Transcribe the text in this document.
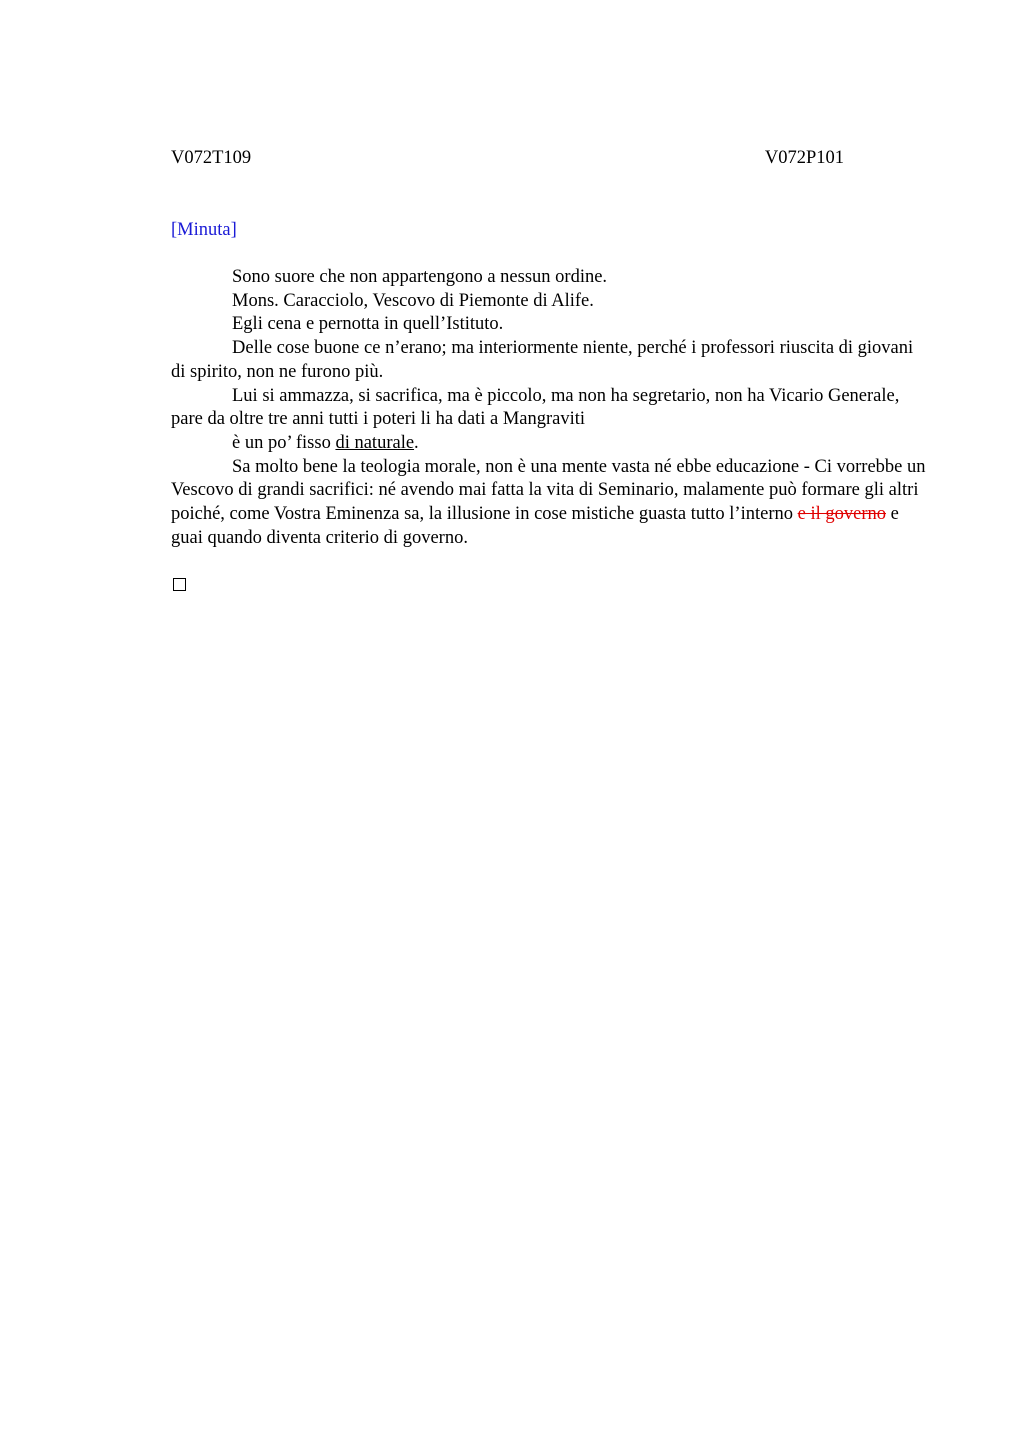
V072T109	V072P101
[Minuta]

Sono suore che non appartengono a nessun ordine.

Mons. Caracciolo, Vescovo di Piemonte di Alife.

Egli cena e pernotta in quell’Istituto.

Delle cose buone ce n’erano; ma interiormente niente, perché i professori riuscita di giovani di spirito, non ne furono più.

Lui si ammazza, si sacrifica, ma è piccolo, ma non ha segretario, non ha Vicario Generale, pare da oltre tre anni tutti i poteri li ha dati a Mangraviti

è un po’ fisso di naturale.

Sa molto bene la teologia morale, non è una mente vasta né ebbe educazione - Ci vorrebbe un Vescovo di grandi sacrifici: né avendo mai fatta la vita di Seminario, malamente può formare gli altri poiché, come Vostra Eminenza sa, la illusione in cose mistiche guasta tutto l’interno e il governo e guai quando diventa criterio di governo.
